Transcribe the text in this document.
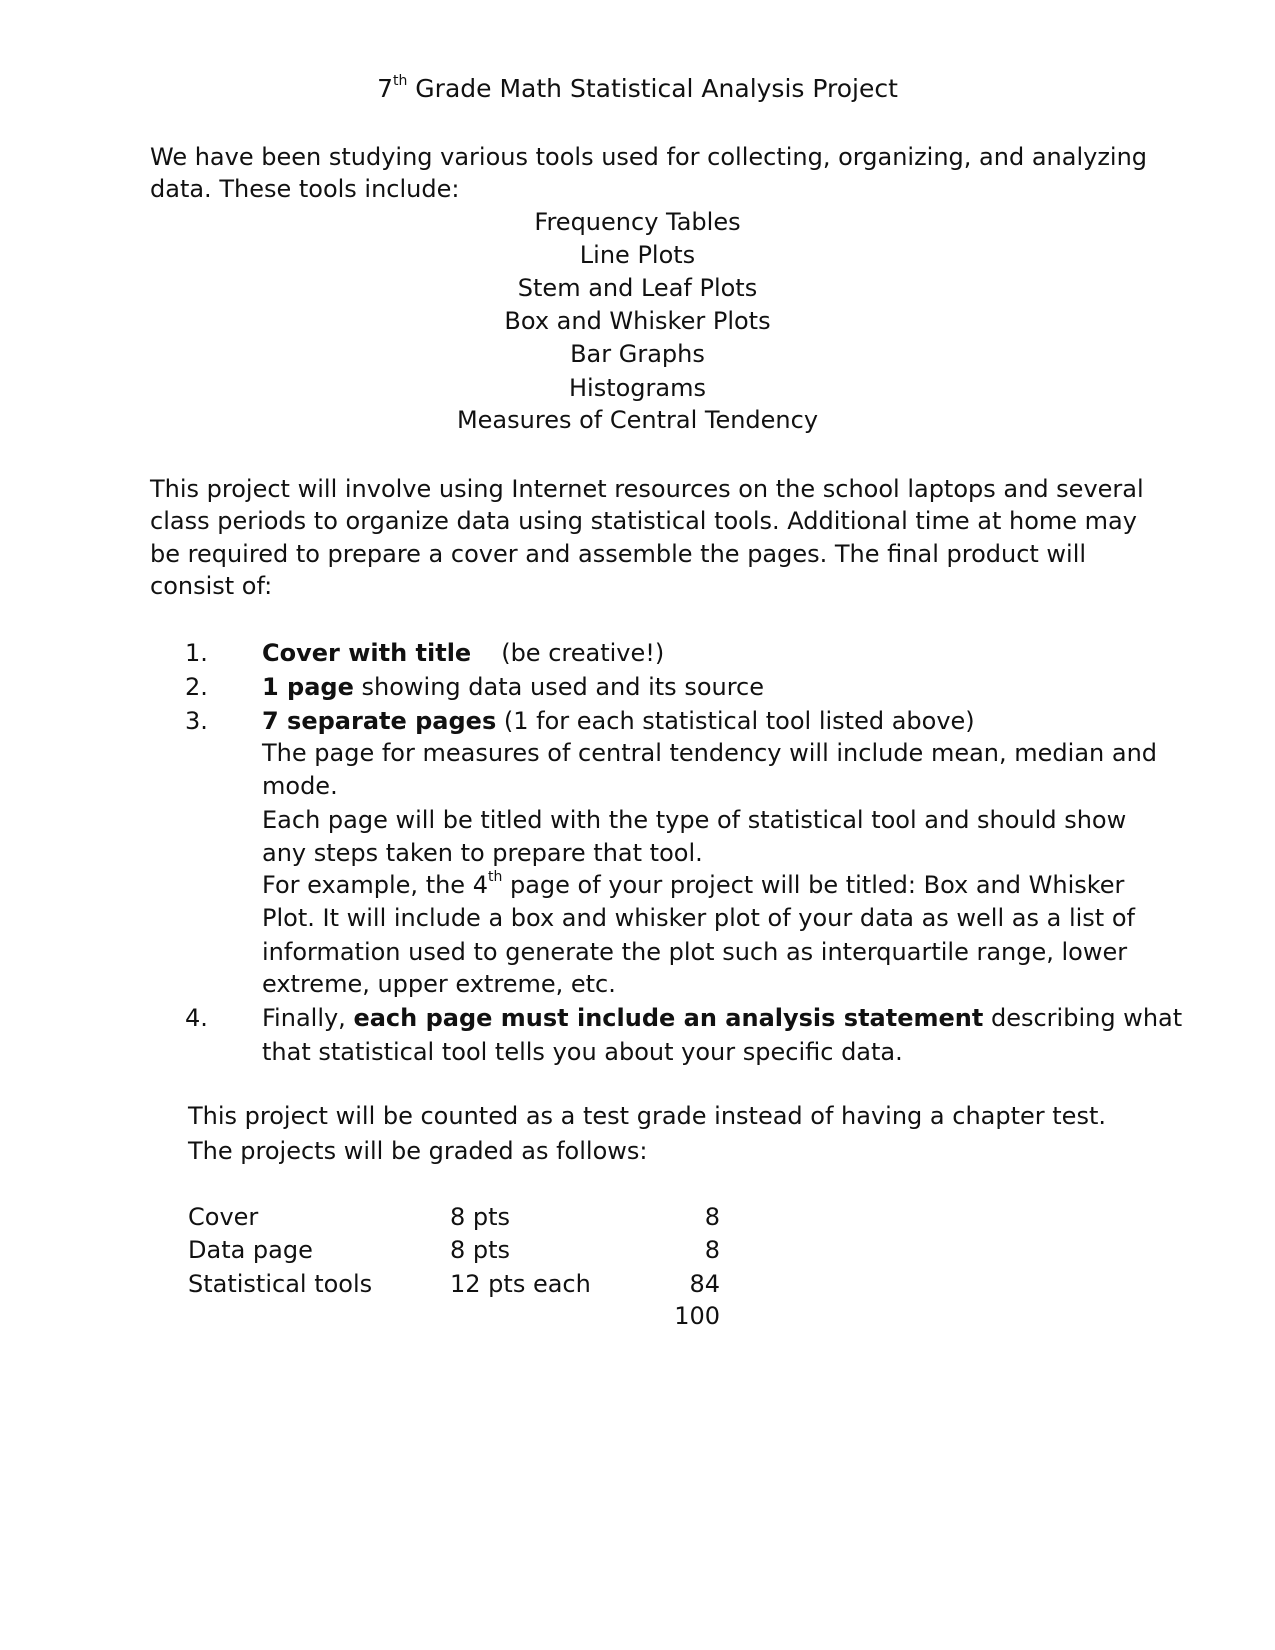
7th Grade Math Statistical Analysis Project
We have been studying various tools used for collecting, organizing, and analyzing
data. These tools include:
Frequency Tables
Line Plots
Stem and Leaf Plots
Box and Whisker Plots
Bar Graphs
Histograms
Measures of Central Tendency
This project will involve using Internet resources on the school laptops and several
class periods to organize data using statistical tools. Additional time at home may
be required to prepare a cover and assemble the pages. The final product will
consist of:
1. Cover with title (be creative!)
2. 1 page showing data used and its source
3. 7 separate pages (1 for each statistical tool listed above)
The page for measures of central tendency will include mean, median and
mode.
Each page will be titled with the type of statistical tool and should show
any steps taken to prepare that tool.
For example, the 4th page of your project will be titled: Box and Whisker
Plot. It will include a box and whisker plot of your data as well as a list of
information used to generate the plot such as interquartile range, lower
extreme, upper extreme, etc.
4. Finally, each page must include an analysis statement describing what
that statistical tool tells you about your specific data.
This project will be counted as a test grade instead of having a chapter test.
The projects will be graded as follows:
Cover	8 pts	8
Data page	8 pts	8
Statistical tools	12 pts each	84
100
